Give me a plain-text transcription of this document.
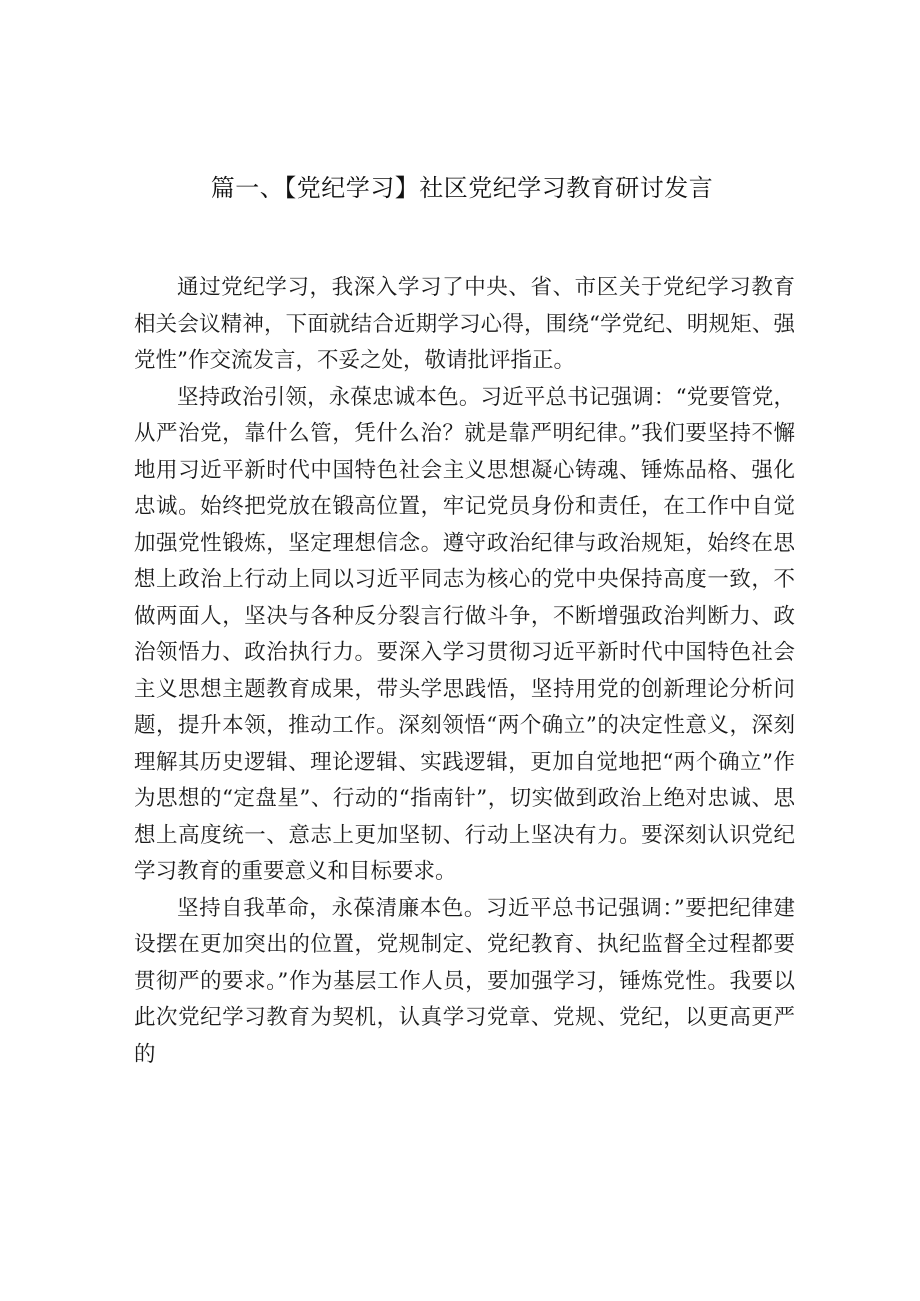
篇一、【党纪学习】社区党纪学习教育研讨发言

通过党纪学习，我深入学习了中央、省、市区关于党纪学习教育相关会议精神，下面就结合近期学习心得，围绕“学党纪、明规矩、强党性”作交流发言，不妥之处，敬请批评指正。

坚持政治引领，永葆忠诚本色。习近平总书记强调：“党要管党，从严治党，靠什么管，凭什么治？就是靠严明纪律。”我们要坚持不懈地用习近平新时代中国特色社会主义思想凝心铸魂、锤炼品格、强化忠诚。始终把党放在锻高位置，牢记党员身份和责任，在工作中自觉加强党性锻炼，坚定理想信念。遵守政治纪律与政治规矩，始终在思想上政治上行动上同以习近平同志为核心的党中央保持高度一致，不做两面人，坚决与各种反分裂言行做斗争，不断增强政治判断力、政治领悟力、政治执行力。要深入学习贯彻习近平新时代中国特色社会主义思想主题教育成果，带头学思践悟，坚持用党的创新理论分析问题，提升本领，推动工作。深刻领悟“两个确立”的决定性意义，深刻理解其历史逻辑、理论逻辑、实践逻辑，更加自觉地把“两个确立”作为思想的“定盘星”、行动的“指南针”，切实做到政治上绝对忠诚、思想上高度统一、意志上更加坚韧、行动上坚决有力。要深刻认识党纪学习教育的重要意义和目标要求。

坚持自我革命，永葆清廉本色。习近平总书记强调：”要把纪律建设摆在更加突出的位置，党规制定、党纪教育、执纪监督全过程都要贯彻严的要求。”作为基层工作人员，要加强学习，锤炼党性。我要以此次党纪学习教育为契机，认真学习党章、党规、党纪，以更高更严的
